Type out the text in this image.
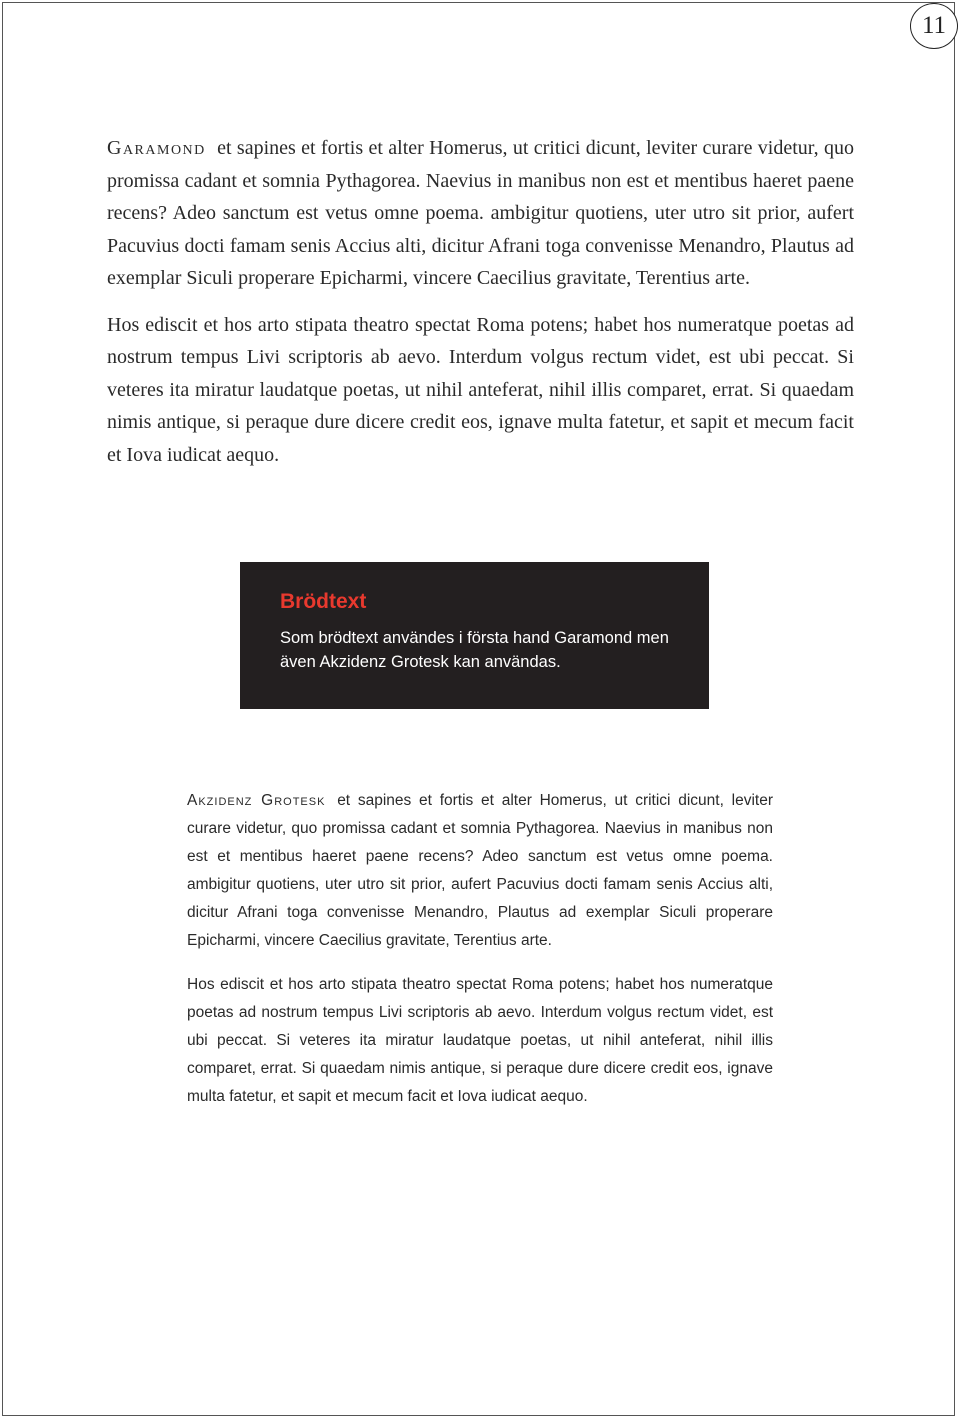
11

Garamond et sapines et fortis et alter Homerus, ut critici dicunt, leviter curare videtur, quo promissa cadant et somnia Pythagorea. Naevius in manibus non est et mentibus haeret paene recens? Adeo sanctum est vetus omne poema. ambigitur quotiens, uter utro sit prior, aufert Pacuvius docti famam senis Accius alti, dicitur Afrani toga convenisse Menandro, Plautus ad exemplar Siculi properare Epicharmi, vincere Caecilius gravitate, Terentius arte.

Hos ediscit et hos arto stipata theatro spectat Roma potens; habet hos numeratque poetas ad nostrum tempus Livi scriptoris ab aevo. Interdum volgus rectum videt, est ubi peccat. Si veteres ita miratur laudatque poetas, ut nihil anteferat, nihil illis comparet, errat. Si quaedam nimis antique, si peraque dure dicere credit eos, ignave multa fatetur, et sapit et mecum facit et Iova iudicat aequo.

Brödtext

Som brödtext användes i första hand Garamond men även Akzidenz Grotesk kan användas.

Akzidenz Grotesk et sapines et fortis et alter Homerus, ut critici dicunt, leviter curare videtur, quo promissa cadant et somnia Pythagorea. Naevius in manibus non est et mentibus haeret paene recens? Adeo sanctum est vetus omne poema. ambigitur quotiens, uter utro sit prior, aufert Pacuvius docti famam senis Accius alti, dicitur Afrani toga convenisse Menandro, Plautus ad exemplar Siculi properare Epicharmi, vincere Caecilius gravitate, Terentius arte.

Hos ediscit et hos arto stipata theatro spectat Roma potens; habet hos numeratque poetas ad nostrum tempus Livi scriptoris ab aevo. Interdum volgus rectum videt, est ubi peccat. Si veteres ita miratur laudatque poetas, ut nihil anteferat, nihil illis comparet, errat. Si quaedam nimis antique, si peraque dure dicere credit eos, ignave multa fatetur, et sapit et mecum facit et Iova iudicat aequo.
